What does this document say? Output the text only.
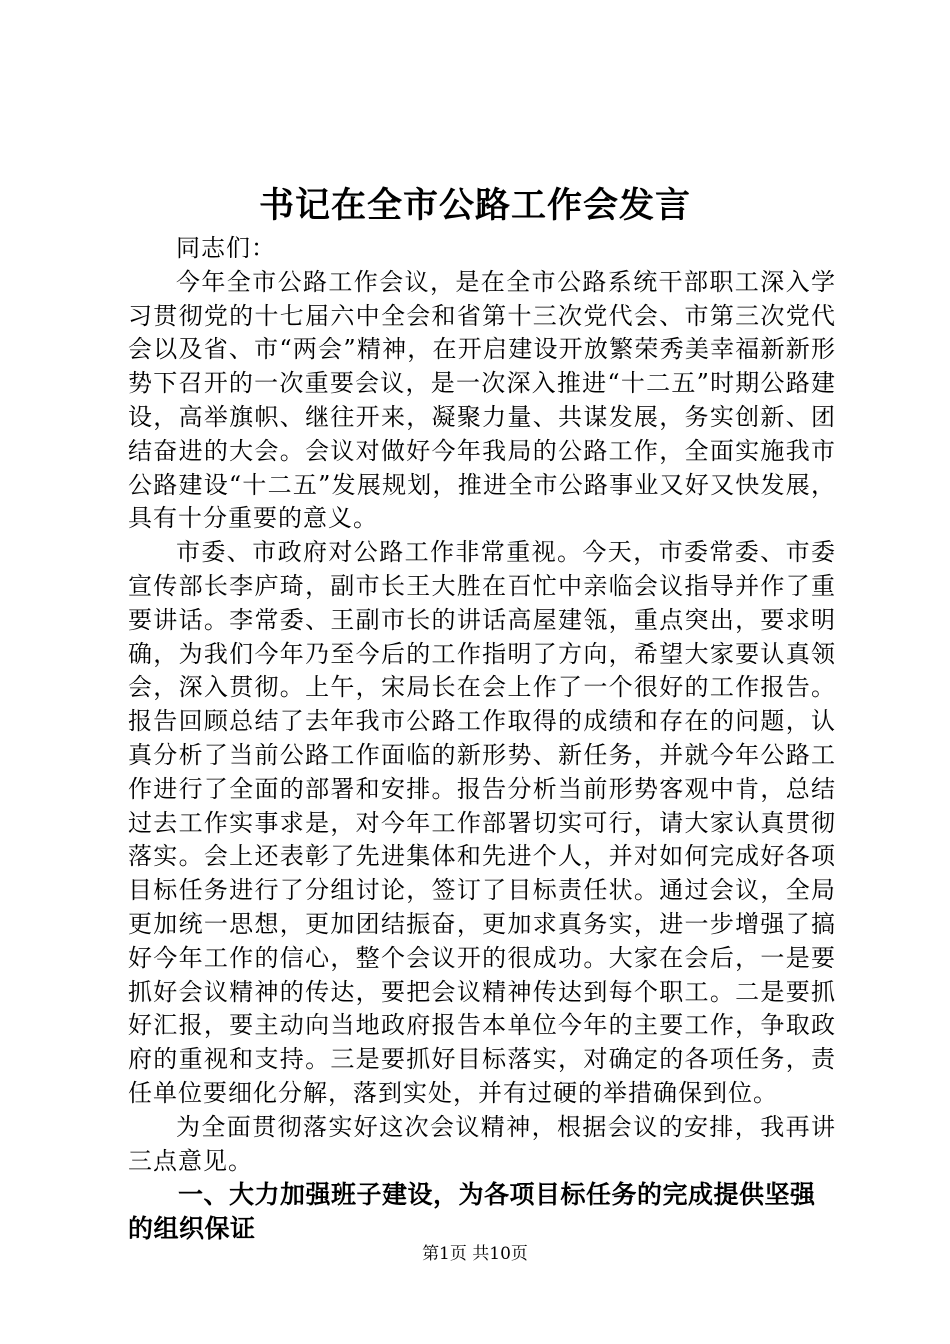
书记在全市公路工作会发言

同志们：

今年全市公路工作会议，是在全市公路系统干部职工深入学习贯彻党的十七届六中全会和省第十三次党代会、市第三次党代会以及省、市“两会”精神，在开启建设开放繁荣秀美幸福新新形势下召开的一次重要会议，是一次深入推进“十二五”时期公路建设，高举旗帜、继往开来，凝聚力量、共谋发展，务实创新、团结奋进的大会。会议对做好今年我局的公路工作，全面实施我市公路建设“十二五”发展规划，推进全市公路事业又好又快发展，具有十分重要的意义。

市委、市政府对公路工作非常重视。今天，市委常委、市委宣传部长李庐琦，副市长王大胜在百忙中亲临会议指导并作了重要讲话。李常委、王副市长的讲话高屋建瓴，重点突出，要求明确，为我们今年乃至今后的工作指明了方向，希望大家要认真领会，深入贯彻。上午，宋局长在会上作了一个很好的工作报告。报告回顾总结了去年我市公路工作取得的成绩和存在的问题，认真分析了当前公路工作面临的新形势、新任务，并就今年公路工作进行了全面的部署和安排。报告分析当前形势客观中肯，总结过去工作实事求是，对今年工作部署切实可行，请大家认真贯彻落实。会上还表彰了先进集体和先进个人，并对如何完成好各项目标任务进行了分组讨论，签订了目标责任状。通过会议，全局更加统一思想，更加团结振奋，更加求真务实，进一步增强了搞好今年工作的信心，整个会议开的很成功。大家在会后，一是要抓好会议精神的传达，要把会议精神传达到每个职工。二是要抓好汇报，要主动向当地政府报告本单位今年的主要工作，争取政府的重视和支持。三是要抓好目标落实，对确定的各项任务，责任单位要细化分解，落到实处，并有过硬的举措确保到位。

为全面贯彻落实好这次会议精神，根据会议的安排，我再讲三点意见。

一、大力加强班子建设，为各项目标任务的完成提供坚强的组织保证

第1页 共10页
